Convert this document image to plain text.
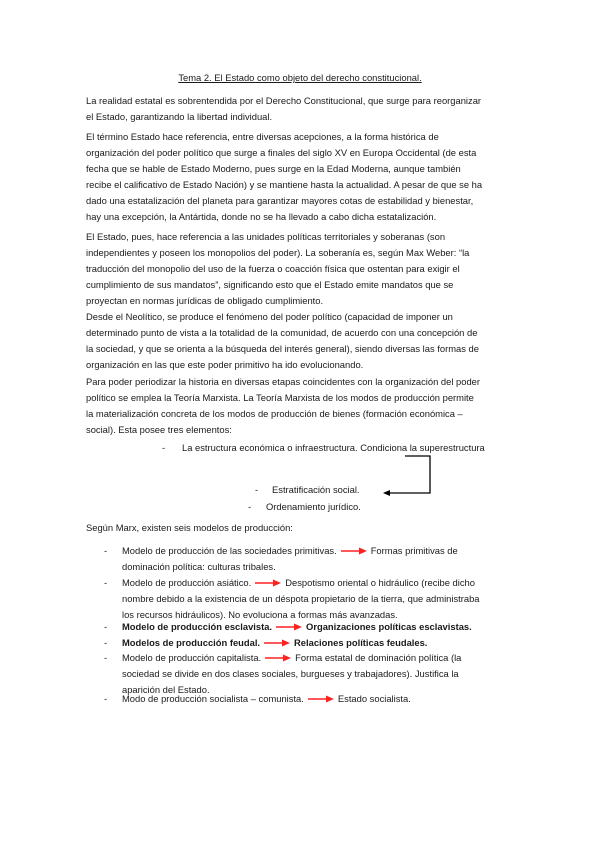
Tema 2. El Estado como objeto del derecho constitucional.
La realidad estatal es sobrentendida por el Derecho Constitucional, que surge para reorganizar
el Estado, garantizando la libertad individual.
El término Estado hace referencia, entre diversas acepciones, a la forma histórica de
organización del poder político que surge a finales del siglo XV en Europa Occidental (de esta
fecha que se hable de Estado Moderno, pues surge en la Edad Moderna, aunque también
recibe el calificativo de Estado Nación) y se mantiene hasta la actualidad. A pesar de que se ha
dado una estatalización del planeta para garantizar mayores cotas de estabilidad y bienestar,
hay una excepción, la Antártida, donde no se ha llevado a cabo dicha estatalización.
El Estado, pues, hace referencia a las unidades políticas territoriales y soberanas (son
independientes y poseen los monopolios del poder). La soberanía es, según Max Weber: “la
traducción del monopolio del uso de la fuerza o coacción física que ostentan para exigir el
cumplimiento de sus mandatos”, significando esto que el Estado emite mandatos que se
proyectan en normas jurídicas de obligado cumplimiento.
Desde el Neolítico, se produce el fenómeno del poder político (capacidad de imponer un
determinado punto de vista a la totalidad de la comunidad, de acuerdo con una concepción de
la sociedad, y que se orienta a la búsqueda del interés general), siendo diversas las formas de
organización en las que este poder primitivo ha ido evolucionando.
Para poder periodizar la historia en diversas etapas coincidentes con la organización del poder
político se emplea la Teoría Marxista. La Teoría Marxista de los modos de producción permite
la materialización concreta de los modos de producción de bienes (formación económica –
social). Esta posee tres elementos:
- La estructura económica o infraestructura. Condiciona la superestructura
- Estratificación social.
- Ordenamiento jurídico.
Según Marx, existen seis modelos de producción:
- Modelo de producción de las sociedades primitivas.	Formas primitivas de
dominación política: culturas tribales.
- Modelo de producción asiático.	Despotismo oriental o hidráulico (recibe dicho
nombre debido a la existencia de un déspota propietario de la tierra, que administraba
los recursos hidráulicos). No evoluciona a formas más avanzadas.
- Modelo de producción esclavista.	Organizaciones políticas esclavistas.
- Modelos de producción feudal.	Relaciones políticas feudales.
- Modelo de producción capitalista.	Forma estatal de dominación política (la
sociedad se divide en dos clases sociales, burgueses y trabajadores). Justifica la
aparición del Estado.
- Modo de producción socialista – comunista.	Estado socialista.
